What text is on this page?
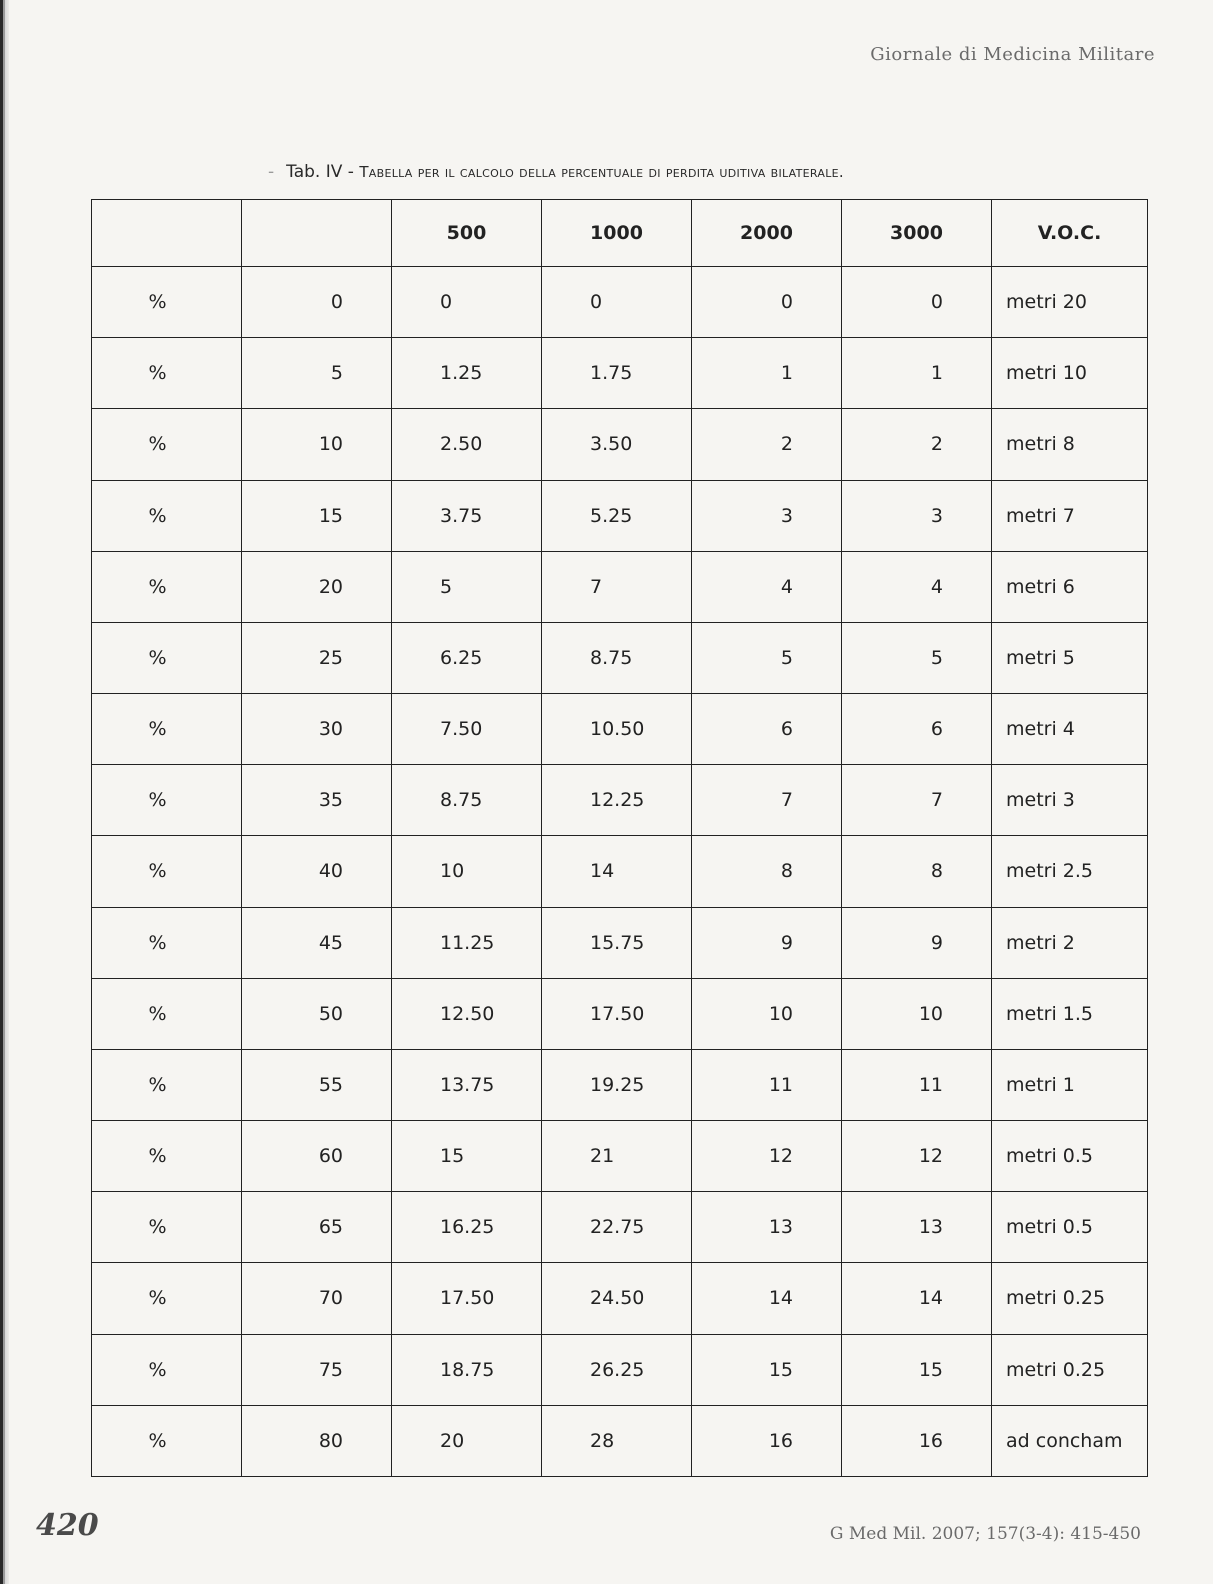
Giornale di Medicina Militare
- Tab. IV - Tabella per il calcolo della percentuale di perdita uditiva bilaterale.
		500	1000	2000	3000	V.O.C.
%	0	0	0	0	0	metri 20
%	5	1.25	1.75	1	1	metri 10
%	10	2.50	3.50	2	2	metri 8
%	15	3.75	5.25	3	3	metri 7
%	20	5	7	4	4	metri 6
%	25	6.25	8.75	5	5	metri 5
%	30	7.50	10.50	6	6	metri 4
%	35	8.75	12.25	7	7	metri 3
%	40	10	14	8	8	metri 2.5
%	45	11.25	15.75	9	9	metri 2
%	50	12.50	17.50	10	10	metri 1.5
%	55	13.75	19.25	11	11	metri 1
%	60	15	21	12	12	metri 0.5
%	65	16.25	22.75	13	13	metri 0.5
%	70	17.50	24.50	14	14	metri 0.25
%	75	18.75	26.25	15	15	metri 0.25
%	80	20	28	16	16	ad concham
420	G Med Mil. 2007; 157(3-4): 415-450
